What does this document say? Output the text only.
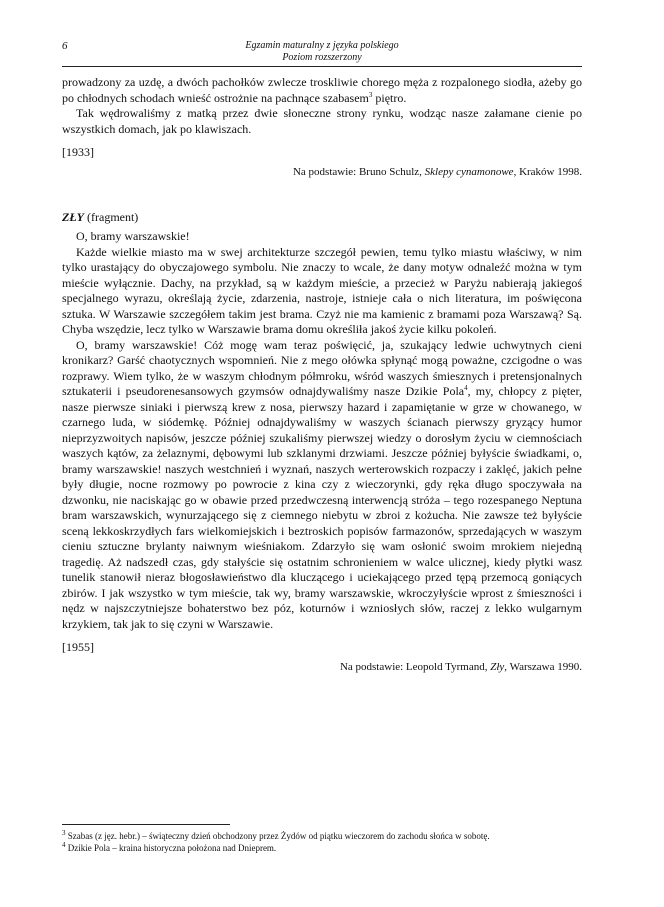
6	Egzamin maturalny z języka polskiego
Poziom rozszerzony

prowadzony za uzdę, a dwóch pachołków zwlecze troskliwie chorego męża z rozpalonego siodła, ażeby go po chłodnych schodach wnieść ostrożnie na pachnące szabasem$^3$ piętro.

Tak wędrowaliśmy z matką przez dwie słoneczne strony rynku, wodząc nasze załamane cienie po wszystkich domach, jak po klawiszach.

[1933]

Na podstawie: Bruno Schulz, Sklepy cynamonowe, Kraków 1998.

ZŁY (fragment)

O, bramy warszawskie!

Każde wielkie miasto ma w swej architekturze szczegół pewien, temu tylko miastu właściwy, w nim tylko urastający do obyczajowego symbolu. Nie znaczy to wcale, że dany motyw odnaleźć można w tym mieście wyłącznie. Dachy, na przykład, są w każdym mieście, a przecież w Paryżu nabierają jakiegoś specjalnego wyrazu, określają życie, zdarzenia, nastroje, istnieje cała o nich literatura, im poświęcona sztuka. W Warszawie szczegółem takim jest brama. Czyż nie ma kamienic z bramami poza Warszawą? Są. Chyba wszędzie, lecz tylko w Warszawie brama domu określiła jakoś życie kilku pokoleń.

O, bramy warszawskie! Cóż mogę wam teraz poświęcić, ja, szukający ledwie uchwytnych cieni kronikarz? Garść chaotycznych wspomnień. Nie z mego ołówka spłynąć mogą poważne, czcigodne o was rozprawy. Wiem tylko, że w waszym chłodnym półmroku, wśród waszych śmiesznych i pretensjonalnych sztukaterii i pseudorenesansowych gzymsów odnajdywaliśmy nasze Dzikie Pola$^4$, my, chłopcy z pięter, nasze pierwsze siniaki i pierwszą krew z nosa, pierwszy hazard i zapamiętanie w grze w chowanego, w czarnego luda, w siódemkę. Później odnajdywaliśmy w waszych ścianach pierwszy gryzący humor nieprzyzwoitych napisów, jeszcze później szukaliśmy pierwszej wiedzy o dorosłym życiu w ciemnościach waszych kątów, za żelaznymi, dębowymi lub szklanymi drzwiami. Jeszcze później byłyście świadkami, o, bramy warszawskie! naszych westchnień i wyznań, naszych werterowskich rozpaczy i zaklęć, jakich pełne były długie, nocne rozmowy po powrocie z kina czy z wieczorynki, gdy ręka długo spoczywała na dzwonku, nie naciskając go w obawie przed przedwczesną interwencją stróża – tego rozespanego Neptuna bram warszawskich, wynurzającego się z ciemnego niebytu w zbroi z kożucha. Nie zawsze też byłyście sceną lekkoskrzydłych fars wielkomiejskich i beztroskich popisów farmazonów, sprzedających w waszym cieniu sztuczne brylanty naiwnym wieśniakom. Zdarzyło się wam osłonić swoim mrokiem niejedną tragedię. Aż nadszedł czas, gdy stałyście się ostatnim schronieniem w walce ulicznej, kiedy płytki wasz tunelik stanowił nieraz błogosławieństwo dla kluczącego i uciekającego przed tępą przemocą goniących zbirów. I jak wszystko w tym mieście, tak wy, bramy warszawskie, wkroczyłyście wprost z śmieszności i nędz w najszczytniejsze bohaterstwo bez póz, koturnów i wzniosłych słów, raczej z lekko wulgarnym krzykiem, tak jak to się czyni w Warszawie.

[1955]

Na podstawie: Leopold Tyrmand, Zły, Warszawa 1990.

$^3$ Szabas (z jęz. hebr.) – świąteczny dzień obchodzony przez Żydów od piątku wieczorem do zachodu słońca w sobotę.

$^4$ Dzikie Pola – kraina historyczna położona nad Dnieprem.
